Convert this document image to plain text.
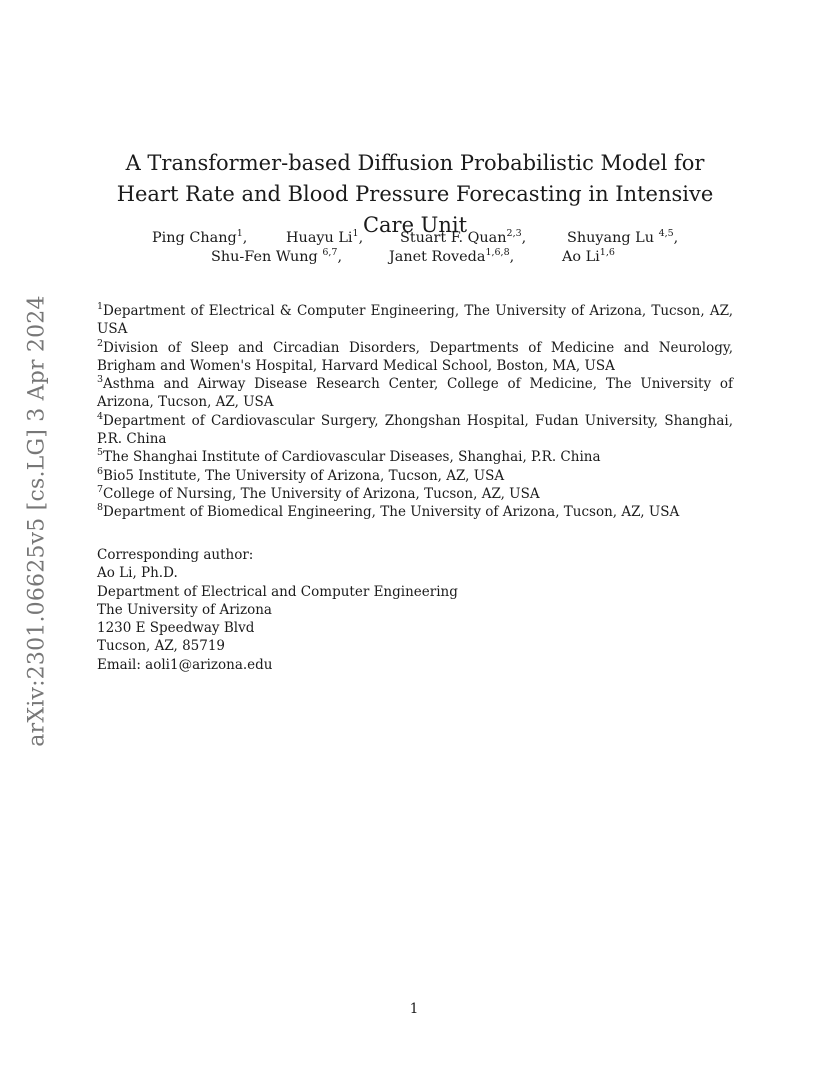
arXiv:2301.06625v5 [cs.LG] 3 Apr 2024
A Transformer-based Diffusion Probabilistic Model for Heart Rate and Blood Pressure Forecasting in Intensive Care Unit
Ping Chang$^1$,	Huayu Li$^1$,	Stuart F. Quan$^{2,3}$,	Shuyang Lu $^{4,5}$,
Shu-Fen Wung $^{6,7}$,	Janet Roveda$^{1,6,8}$,	Ao Li$^{1,6}$
$^1$Department of Electrical & Computer Engineering, The University of Arizona, Tucson, AZ, USA
$^2$Division of Sleep and Circadian Disorders, Departments of Medicine and Neurology, Brigham and Women's Hospital, Harvard Medical School, Boston, MA, USA
$^3$Asthma and Airway Disease Research Center, College of Medicine, The University of Arizona, Tucson, AZ, USA
$^4$Department of Cardiovascular Surgery, Zhongshan Hospital, Fudan University, Shanghai, P.R. China
$^5$The Shanghai Institute of Cardiovascular Diseases, Shanghai, P.R. China
$^6$Bio5 Institute, The University of Arizona, Tucson, AZ, USA
$^7$College of Nursing, The University of Arizona, Tucson, AZ, USA
$^8$Department of Biomedical Engineering, The University of Arizona, Tucson, AZ, USA
Corresponding author:
Ao Li, Ph.D.
Department of Electrical and Computer Engineering
The University of Arizona
1230 E Speedway Blvd
Tucson, AZ, 85719
Email: aoli1@arizona.edu
1
